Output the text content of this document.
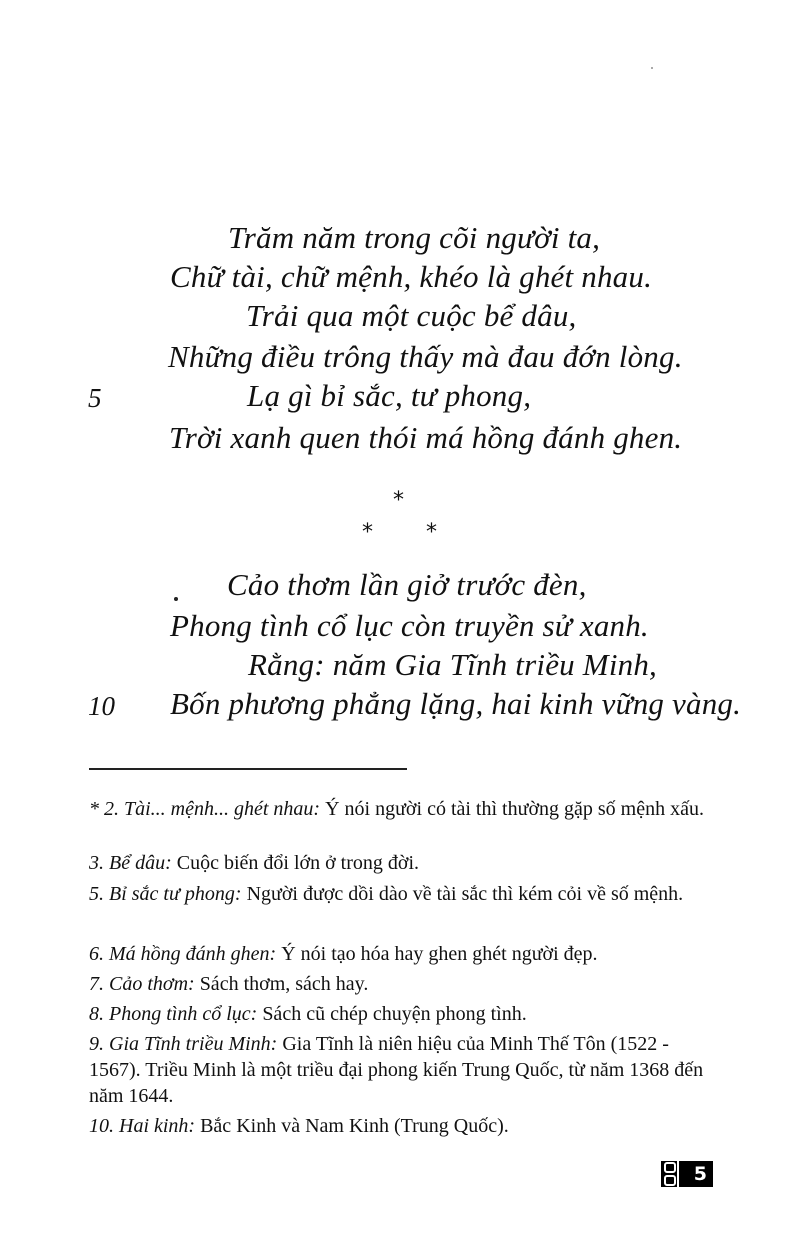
Trăm năm trong cõi người ta,
Chữ tài, chữ mệnh, khéo là ghét nhau.
Trải qua một cuộc bể dâu,
Những điều trông thấy mà đau đớn lòng.
5	Lạ gì bỉ sắc, tư phong,
Trời xanh quen thói má hồng đánh ghen.
*
* *
Cảo thơm lần giở trước đèn,
Phong tình cổ lục còn truyền sử xanh.
Rằng: năm Gia Tĩnh triều Minh,
10 Bốn phương phẳng lặng, hai kinh vững vàng.
* 2. Tài... mệnh... ghét nhau: Ý nói người có tài thì thường gặp số mệnh xấu.
3. Bể dâu: Cuộc biến đổi lớn ở trong đời.
5. Bỉ sắc tư phong: Người được dồi dào về tài sắc thì kém cỏi về số mệnh.
6. Má hồng đánh ghen: Ý nói tạo hóa hay ghen ghét người đẹp.
7. Cảo thơm: Sách thơm, sách hay.
8. Phong tình cổ lục: Sách cũ chép chuyện phong tình.
9. Gia Tĩnh triều Minh: Gia Tĩnh là niên hiệu của Minh Thế Tôn (1522 - 1567). Triều Minh là một triều đại phong kiến Trung Quốc, từ năm 1368 đến năm 1644.
10. Hai kinh: Bắc Kinh và Nam Kinh (Trung Quốc).
5
